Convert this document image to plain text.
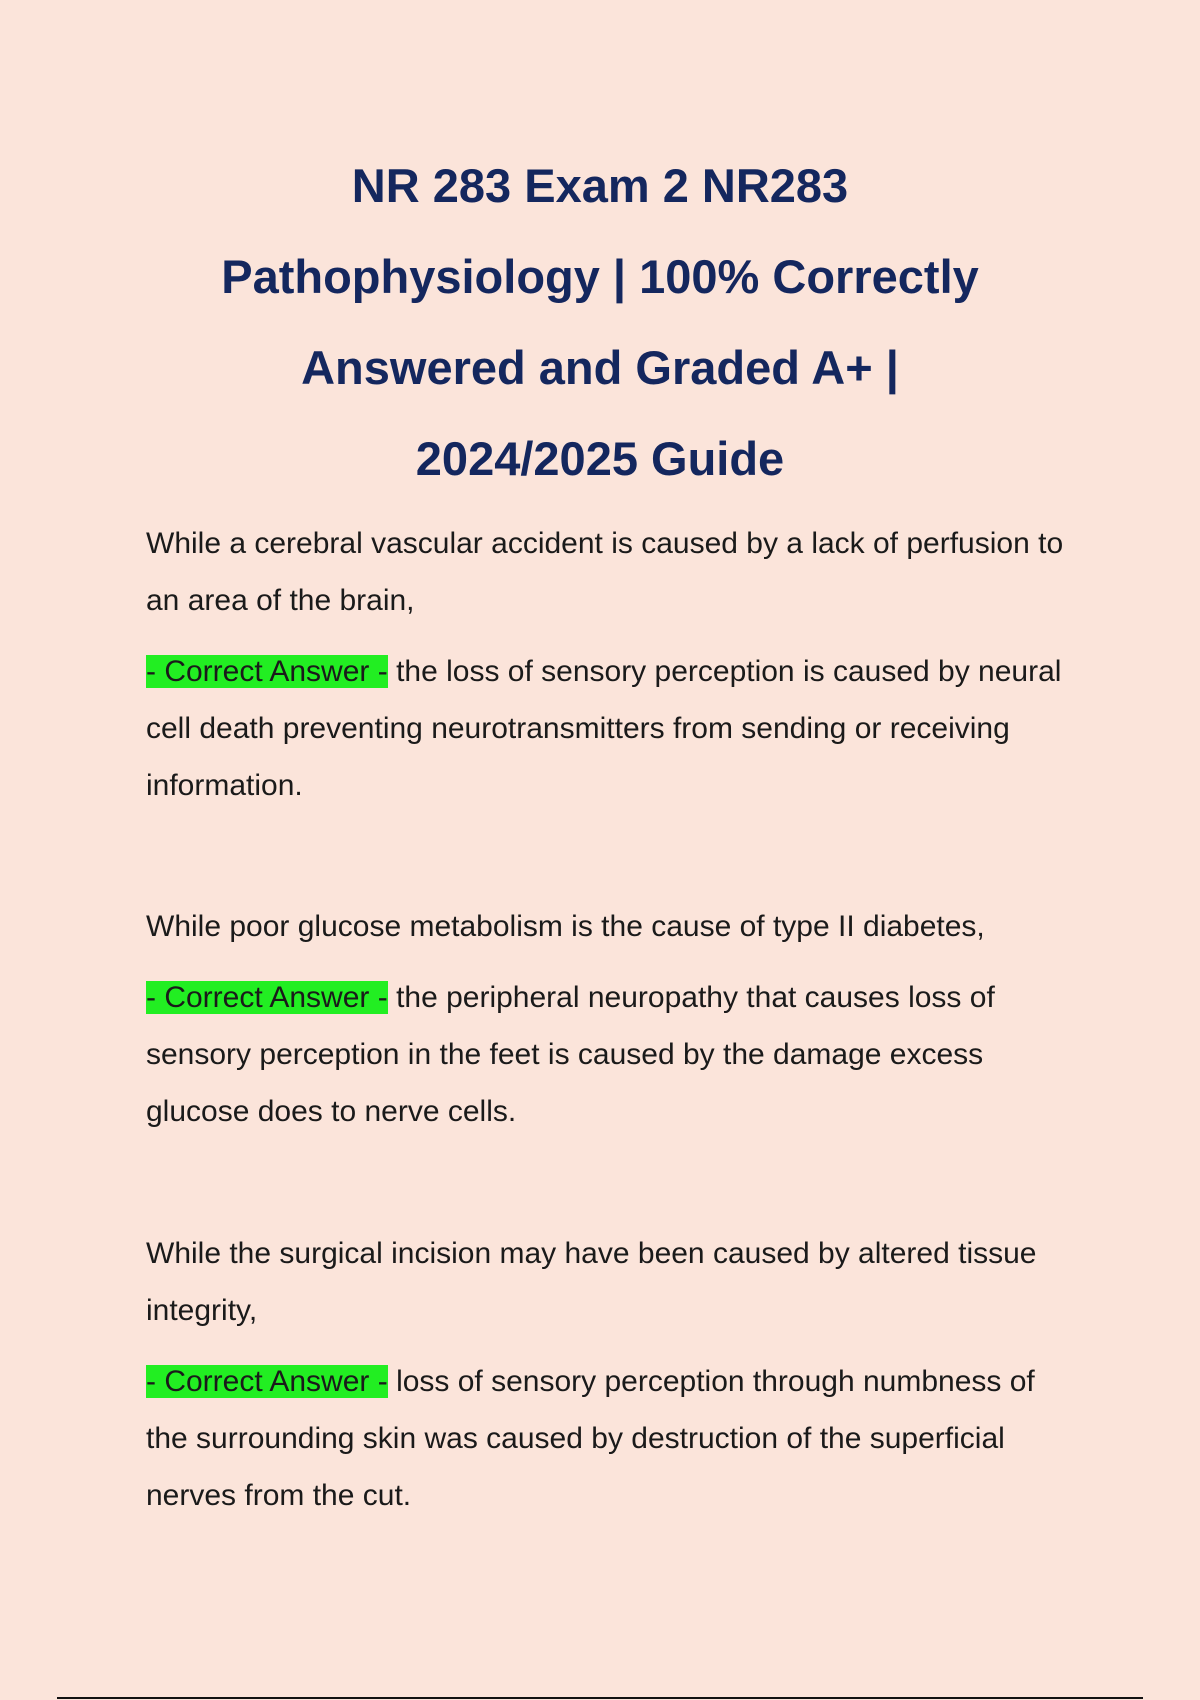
NR 283 Exam 2 NR283
Pathophysiology | 100% Correctly
Answered and Graded A+ |
2024/2025 Guide

While a cerebral vascular accident is caused by a lack of perfusion to an area of the brain,

- Correct Answer - the loss of sensory perception is caused by neural cell death preventing neurotransmitters from sending or receiving information.

While poor glucose metabolism is the cause of type II diabetes,

- Correct Answer - the peripheral neuropathy that causes loss of sensory perception in the feet is caused by the damage excess glucose does to nerve cells.

While the surgical incision may have been caused by altered tissue integrity,

- Correct Answer - loss of sensory perception through numbness of the surrounding skin was caused by destruction of the superficial nerves from the cut.
